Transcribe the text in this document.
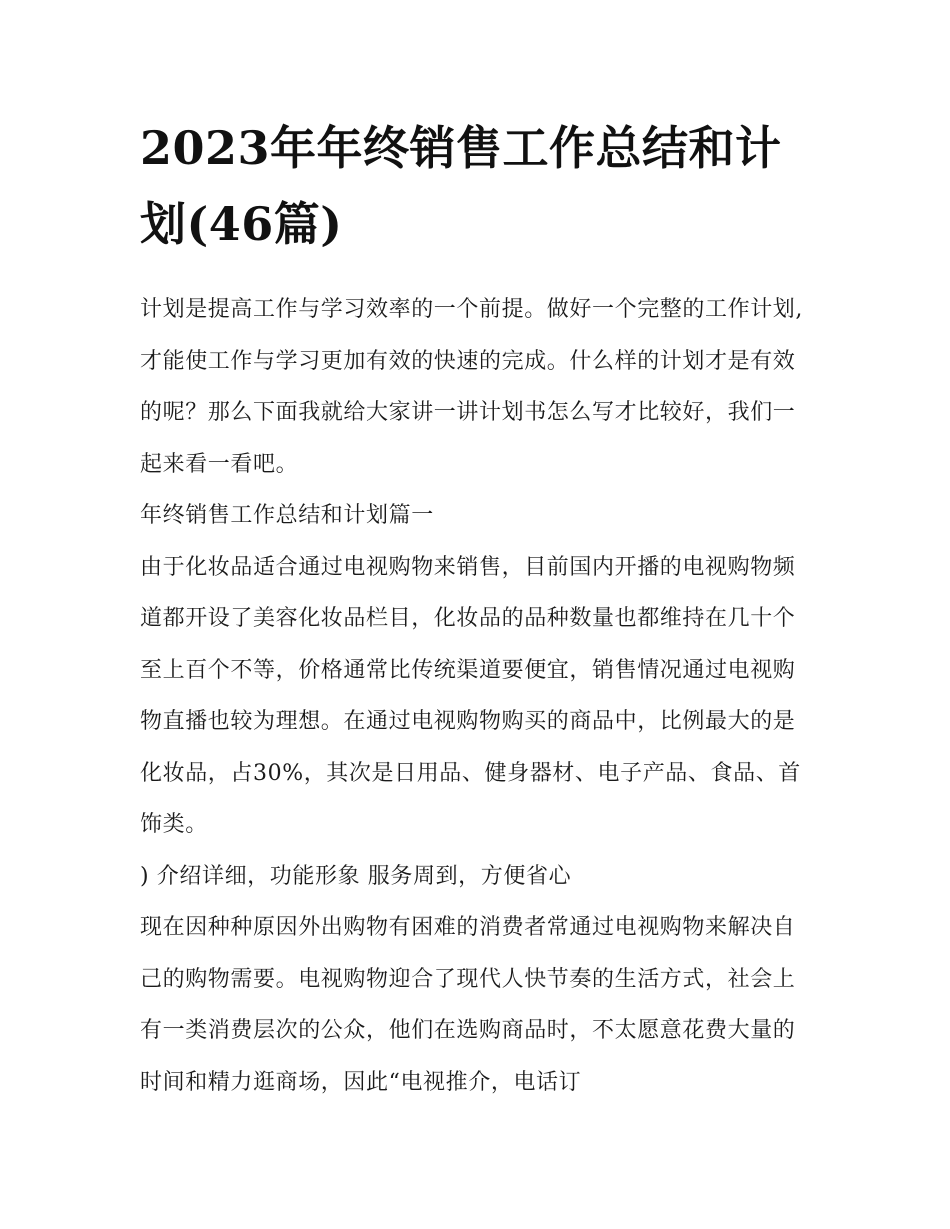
2023年年终销售工作总结和计划(46篇)

计划是提高工作与学习效率的一个前提。做好一个完整的工作计划,才能使工作与学习更加有效的快速的完成。什么样的计划才是有效的呢？那么下面我就给大家讲一讲计划书怎么写才比较好，我们一起来看一看吧。

年终销售工作总结和计划篇一

由于化妆品适合通过电视购物来销售，目前国内开播的电视购物频道都开设了美容化妆品栏目，化妆品的品种数量也都维持在几十个至上百个不等，价格通常比传统渠道要便宜，销售情况通过电视购物直播也较为理想。在通过电视购物购买的商品中，比例最大的是化妆品，占30%，其次是日用品、健身器材、电子产品、食品、首饰类。

) 介绍详细，功能形象 服务周到，方便省心

现在因种种原因外出购物有困难的消费者常通过电视购物来解决自己的购物需要。电视购物迎合了现代人快节奏的生活方式，社会上有一类消费层次的公众，他们在选购商品时，不太愿意花费大量的时间和精力逛商场，因此“电视推介，电话订
